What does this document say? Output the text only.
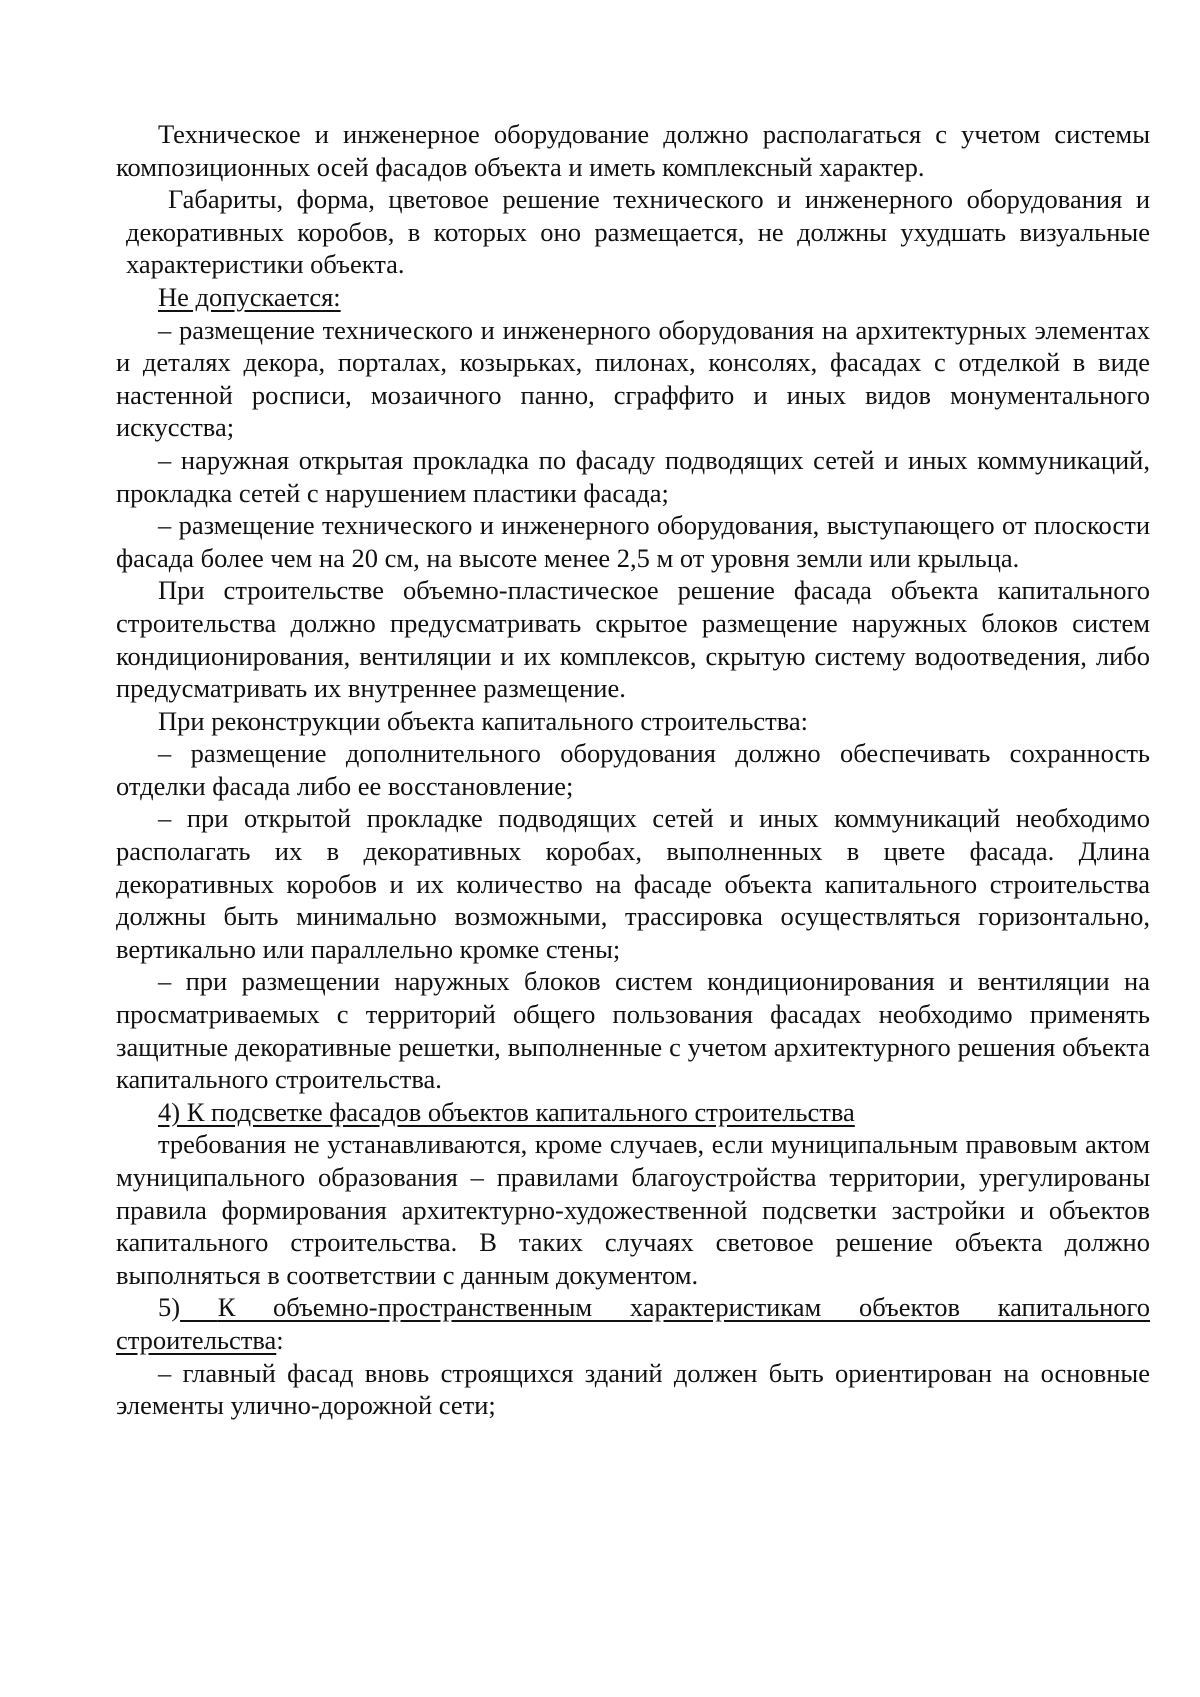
Техническое и инженерное оборудование должно располагаться с учетом системы композиционных осей фасадов объекта и иметь комплексный характер.

Габариты, форма, цветовое решение технического и инженерного оборудования и декоративных коробов, в которых оно размещается, не должны ухудшать визуальные характеристики объекта.

Не допускается:

– размещение технического и инженерного оборудования на архитектурных элементах и деталях декора, порталах, козырьках, пилонах, консолях, фасадах с отделкой в виде настенной росписи, мозаичного панно, сграффито и иных видов монументального искусства;

– наружная открытая прокладка по фасаду подводящих сетей и иных коммуникаций, прокладка сетей с нарушением пластики фасада;

– размещение технического и инженерного оборудования, выступающего от плоскости фасада более чем на 20 см, на высоте менее 2,5 м от уровня земли или крыльца.

При строительстве объемно-пластическое решение фасада объекта капитального строительства должно предусматривать скрытое размещение наружных блоков систем кондиционирования, вентиляции и их комплексов, скрытую систему водоотведения, либо предусматривать их внутреннее размещение.

При реконструкции объекта капитального строительства:

– размещение дополнительного оборудования должно обеспечивать сохранность отделки фасада либо ее восстановление;

– при открытой прокладке подводящих сетей и иных коммуникаций необходимо располагать их в декоративных коробах, выполненных в цвете фасада. Длина декоративных коробов и их количество на фасаде объекта капитального строительства должны быть минимально возможными, трассировка осуществляться горизонтально, вертикально или параллельно кромке стены;

– при размещении наружных блоков систем кондиционирования и вентиляции на просматриваемых с территорий общего пользования фасадах необходимо применять защитные декоративные решетки, выполненные с учетом архитектурного решения объекта капитального строительства.

4) К подсветке фасадов объектов капитального строительства

требования не устанавливаются, кроме случаев, если муниципальным правовым актом муниципального образования – правилами благоустройства территории, урегулированы правила формирования архитектурно-художественной подсветки застройки и объектов капитального строительства. В таких случаях световое решение объекта должно выполняться в соответствии с данным документом.

5) К объемно-пространственным характеристикам объектов капитального строительства:

– главный фасад вновь строящихся зданий должен быть ориентирован на основные элементы улично-дорожной сети;
